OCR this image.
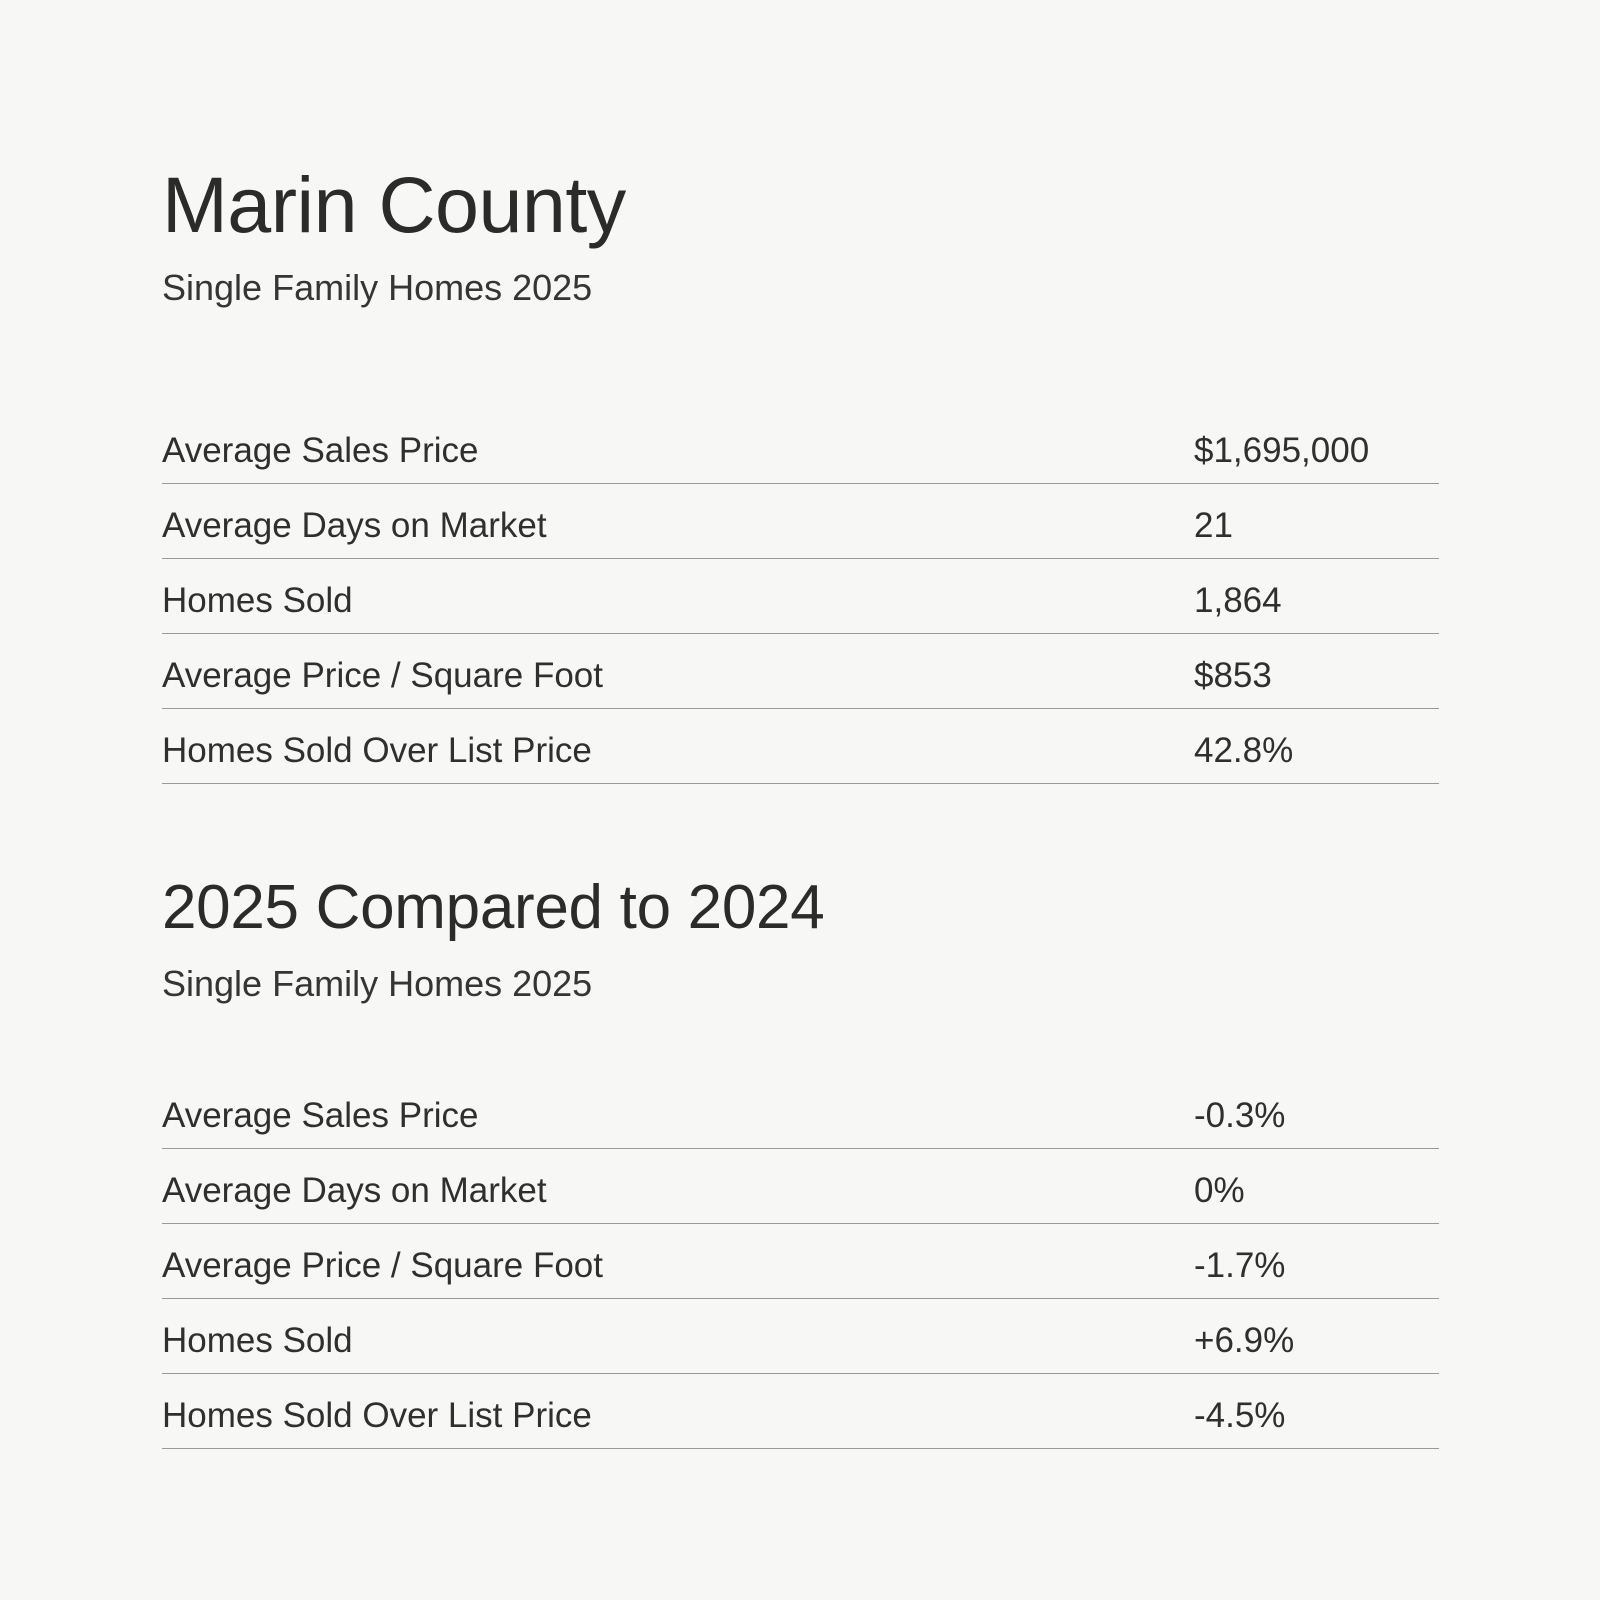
Marin County

Single Family Homes 2025

Average Sales Price	$1,695,000
Average Days on Market	21
Homes Sold	1,864
Average Price / Square Foot	$853
Homes Sold Over List Price	42.8%
2025 Compared to 2024

Single Family Homes 2025

Average Sales Price	-0.3%
Average Days on Market	0%
Average Price / Square Foot	-1.7%
Homes Sold	+6.9%
Homes Sold Over List Price	-4.5%
